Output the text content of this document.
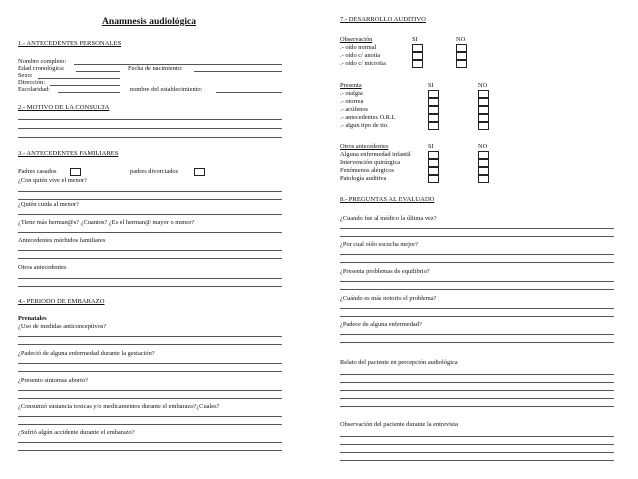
Anamnesis audiológica
1.- ANTECEDENTES PERSONALES
Nombre completo:
Edad cronológica:	Fecha de nacimiento:
Sexo:
Dirección:
Escolaridad:	nombre del establecimiento:
2.- MOTIVO DE LA CONSULTA
3.- ANTECEDENTES FAMILIARES
Padres casados	padres divorciados
¿Con quién vive el menor?
¿Quién cuida al menor?
¿Tiene más herman@s? ¿Cuantos? ¿Es el herman@ mayor o menor?
Antecedentes mórbidos familiares
Otros antecedentes
4.- PERIODO DE EMBARAZO
Prenatales
¿Uso de medidas anticonceptivos?
¿Padeció de alguna enfermedad durante la gestación?
¿Presento síntomas aborto?
¿Consumió sustancia toxicas y/o medicamentos durante el embarazo?¿Cuales?
¿Sufrió algún accidente durante el embarazo?
7.- DESARROLLO AUDITIVO
Observación	SI	NO
.- oído normal
.- oído c/ anotia
.- oído c/ microtia
Presenta	SI	NO
.- otalgia
.- otorrea
.- acúfenos
.- antecedentes O.R.L
.- algun tipo de tto.
Otros antecedentes	SI	NO
Alguna enfermedad infantil
Intervención quirúrgica
Fenómenos alérgicos
Patología auditiva
8.- PREGUNTAS AL EVALUADO
¿Cuando fue al médico la última vez?
¿Por cual oído escucha mejor?
¿Presenta problemas de equilibrio?
¿Cuándo es más notorio el problema?
¿Padece de alguna enfermedad?
Relato del paciente en percepción audiológica
Observación del paciente durante la entrevista
